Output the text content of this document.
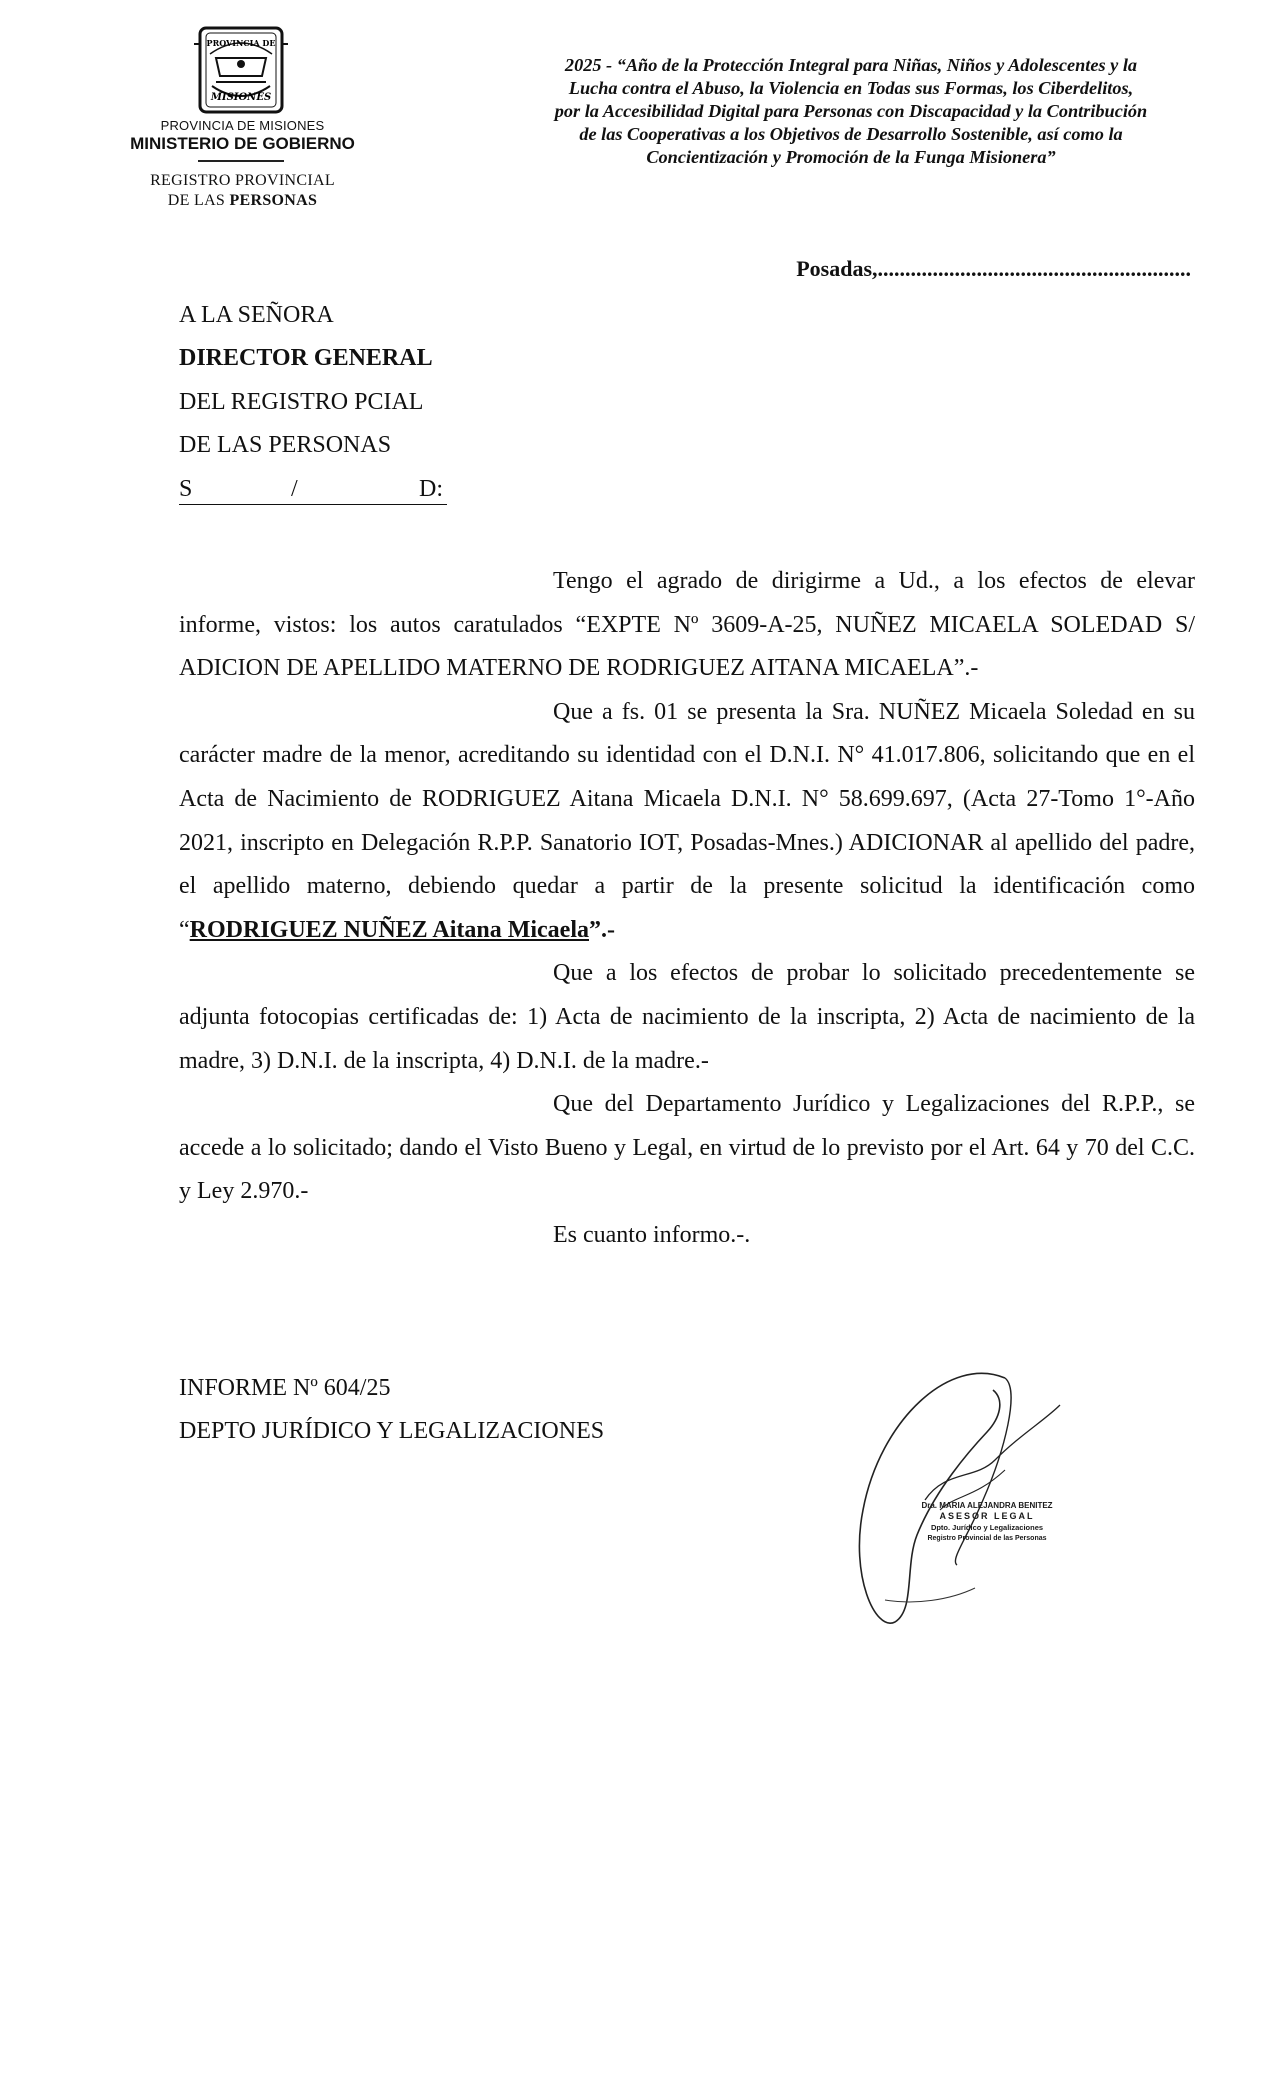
PROVINCIA DE
MISIONES
PROVINCIA DE MISIONES
MINISTERIO DE GOBIERNO
REGISTRO PROVINCIAL
DE LAS PERSONAS
2025 - “Año de la Protección Integral para Niñas, Niños y Adolescentes y la
Lucha contra el Abuso, la Violencia en Todas sus Formas, los Ciberdelitos,
por la Accesibilidad Digital para Personas con Discapacidad y la Contribución
de las Cooperativas a los Objetivos de Desarrollo Sostenible, así como la
Concientización y Promoción de la Funga Misionera”
Posadas,.........................................................
A LA SEÑORA
DIRECTOR GENERAL
DEL REGISTRO PCIAL
DE LAS PERSONAS
S	/	D:

Tengo el agrado de dirigirme a Ud., a los efectos de elevar informe, vistos: los autos caratulados “EXPTE Nº 3609-A-25, NUÑEZ MICAELA SOLEDAD S/ ADICION DE APELLIDO MATERNO DE RODRIGUEZ AITANA MICAELA”.-

Que a fs. 01 se presenta la Sra. NUÑEZ Micaela Soledad en su carácter madre de la menor, acreditando su identidad con el D.N.I. N° 41.017.806, solicitando que en el Acta de Nacimiento de RODRIGUEZ Aitana Micaela D.N.I. N° 58.699.697, (Acta 27-Tomo 1°-Año 2021, inscripto en Delegación R.P.P. Sanatorio IOT, Posadas-Mnes.) ADICIONAR al apellido del padre, el apellido materno, debiendo quedar a partir de la presente solicitud la identificación como “RODRIGUEZ NUÑEZ Aitana Micaela”.-

Que a los efectos de probar lo solicitado precedentemente se adjunta fotocopias certificadas de: 1) Acta de nacimiento de la inscripta, 2) Acta de nacimiento de la madre, 3) D.N.I. de la inscripta, 4) D.N.I. de la madre.-

Que del Departamento Jurídico y Legalizaciones del R.P.P., se accede a lo solicitado; dando el Visto Bueno y Legal, en virtud de lo previsto por el Art. 64 y 70 del C.C. y Ley 2.970.-

Es cuanto informo.-.

INFORME Nº 604/25
DEPTO JURÍDICO Y LEGALIZACIONES
Dra. MARIA ALEJANDRA BENITEZ
ASESOR LEGAL
Dpto. Jurídico y Legalizaciones
Registro Provincial de las Personas
